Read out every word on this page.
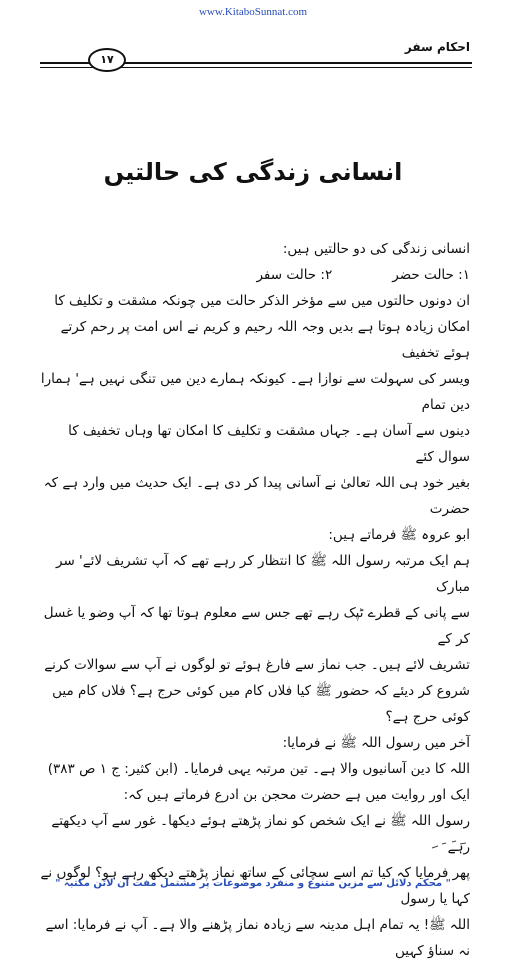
www.KitaboSunnat.com
احکام سفر
۱۷
انسانی زندگی کی حالتیں

انسانی زندگی کی دو حالتیں ہیں:

۱: حالت حضر
۲: حالت سفر

ان دونوں حالتوں میں سے مؤخر الذکر حالت میں چونکہ مشقت و تکلیف کا

امکان زیادہ ہوتا ہے بدیں وجہ اللہ رحیم و کریم نے اس امت پر رحم کرتے ہوئے تخفیف

ویسر کی سہولت سے نوازا ہے۔ کیونکہ ہمارے دین میں تنگی نہیں ہے' ہمارا دین تمام

دینوں سے آسان ہے۔ جہاں مشقت و تکلیف کا امکان تھا وہاں تخفیف کا سوال کئے

بغیر خود ہی اللہ تعالیٰ نے آسانی پیدا کر دی ہے۔ ایک حدیث میں وارد ہے کہ حضرت

ابو عروہ ﷺ فرماتے ہیں:

ہم ایک مرتبہ رسول اللہ ﷺ کا انتظار کر رہے تھے کہ آپ تشریف لائے' سر مبارک

سے پانی کے قطرے ٹپک رہے تھے جس سے معلوم ہوتا تھا کہ آپ وضو یا غسل کر کے

تشریف لائے ہیں۔ جب نماز سے فارغ ہوئے تو لوگوں نے آپ سے سوالات کرنے

شروع کر دیئے کہ حضور ﷺ کیا فلاں کام میں کوئی حرج ہے؟ فلاں کام میں کوئی حرج ہے؟

آخر میں رسول اللہ ﷺ نے فرمایا:

اللہ کا دین آسانیوں والا ہے۔ تین مرتبہ یہی فرمایا۔ (ابن کثیر: ج ۱ ص ۳۸۳)

ایک اور روایت میں ہے حضرت محجن بن ادرع فرماتے ہیں کہ:

رسول اللہ ﷺ نے ایک شخص کو نماز پڑھتے ہوئے دیکھا۔ غور سے آپ دیکھتے رہے

پھر فرمایا کہ کیا تم اسے سچائی کے ساتھ نماز پڑھتے دیکھ رہے ہو؟ لوگوں نے کہا یا رسول

اللہ ﷺ! یہ تمام اہل مدینہ سے زیادہ نماز پڑھنے والا ہے۔ آپ نے فرمایا: اسے نہ سناؤ کہیں

" محکم دلائل سے مزین متنوع و منفرد موضوعات پر مشتمل مفت آن لائن مکتبہ "
